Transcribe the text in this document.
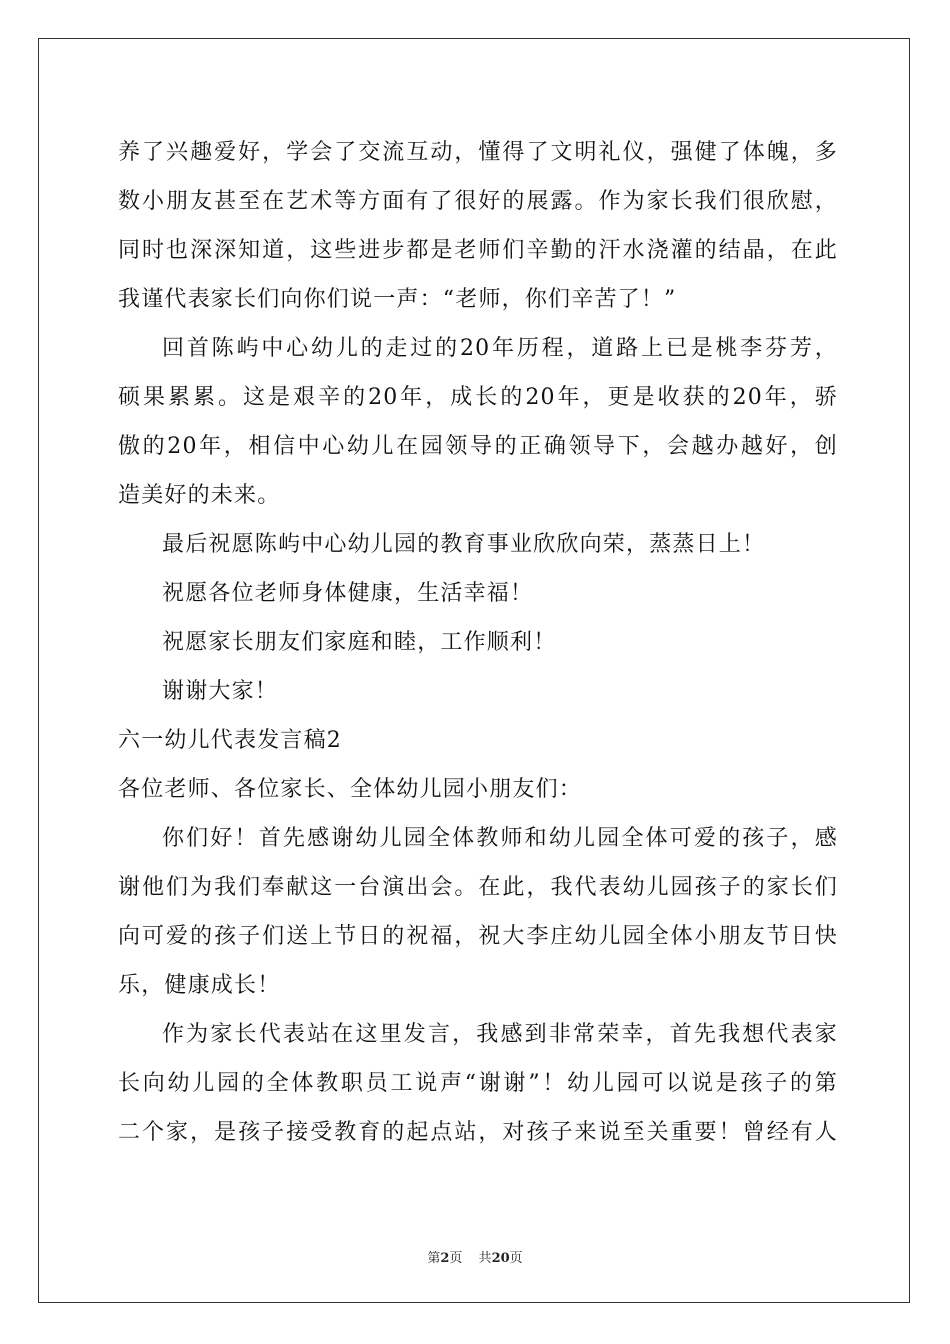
养了兴趣爱好，学会了交流互动，懂得了文明礼仪，强健了体魄，多
数小朋友甚至在艺术等方面有了很好的展露。作为家长我们很欣慰，
同时也深深知道，这些进步都是老师们辛勤的汗水浇灌的结晶，在此
我谨代表家长们向你们说一声：“老师，你们辛苦了！”
回首陈屿中心幼儿的走过的20年历程，道路上已是桃李芬芳，
硕果累累。这是艰辛的20年，成长的20年，更是收获的20年，骄
傲的20年，相信中心幼儿在园领导的正确领导下，会越办越好，创
造美好的未来。
最后祝愿陈屿中心幼儿园的教育事业欣欣向荣，蒸蒸日上！
祝愿各位老师身体健康，生活幸福！
祝愿家长朋友们家庭和睦，工作顺利！
谢谢大家！
六一幼儿代表发言稿2
各位老师、各位家长、全体幼儿园小朋友们：
你们好！首先感谢幼儿园全体教师和幼儿园全体可爱的孩子，感
谢他们为我们奉献这一台演出会。在此，我代表幼儿园孩子的家长们
向可爱的孩子们送上节日的祝福，祝大李庄幼儿园全体小朋友节日快
乐，健康成长！
作为家长代表站在这里发言，我感到非常荣幸，首先我想代表家
长向幼儿园的全体教职员工说声“谢谢”！幼儿园可以说是孩子的第
二个家，是孩子接受教育的起点站，对孩子来说至关重要！曾经有人
第2页 共20页
